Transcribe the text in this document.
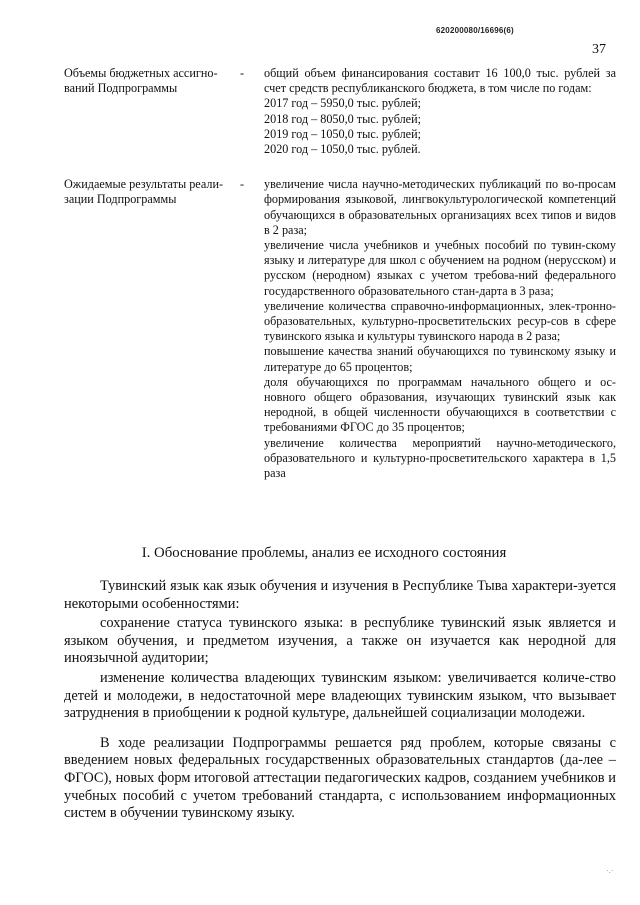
620200080/16696(6)
37
Объемы бюджетных ассигно-ваний Подпрограммы
-	общий объем финансирования составит 16 100,0 тыс. рублей за счет средств республиканского бюджета, в том числе по годам:
2017 год – 5950,0 тыс. рублей;
2018 год – 8050,0 тыс. рублей;
2019 год – 1050,0 тыс. рублей;
2020 год – 1050,0 тыс. рублей.
Ожидаемые результаты реали-зации Подпрограммы
-	увеличение числа научно-методических публикаций по во-просам формирования языковой, лингвокультурологической компетенций обучающихся в образовательных организациях всех типов и видов в 2 раза;
увеличение числа учебников и учебных пособий по тувин-скому языку и литературе для школ с обучением на родном (нерусском) и русском (неродном) языках с учетом требова-ний федерального государственного образовательного стан-дарта в 3 раза;
увеличение количества справочно-информационных, элек-тронно-образовательных, культурно-просветительских ресур-сов в сфере тувинского языка и культуры тувинского народа в 2 раза;
повышение качества знаний обучающихся по тувинскому языку и литературе до 65 процентов;
доля обучающихся по программам начального общего и ос-новного общего образования, изучающих тувинский язык как неродной, в общей численности обучающихся в соответствии с требованиями ФГОС до 35 процентов;
увеличение количества мероприятий научно-методического, образовательного и культурно-просветительского характера в 1,5 раза
I. Обоснование проблемы, анализ ее исходного состояния

Тувинский язык как язык обучения и изучения в Республике Тыва характери-зуется некоторыми особенностями:

сохранение статуса тувинского языка: в республике тувинский язык является и языком обучения, и предметом изучения, а также он изучается как неродной для иноязычной аудитории;

изменение количества владеющих тувинским языком: увеличивается количе-ство детей и молодежи, в недостаточной мере владеющих тувинским языком, что вызывает затруднения в приобщении к родной культуре, дальнейшей социализации молодежи.

В ходе реализации Подпрограммы решается ряд проблем, которые связаны с введением новых федеральных государственных образовательных стандартов (да-лее – ФГОС), новых форм итоговой аттестации педагогических кадров, созданием учебников и учебных пособий с учетом требований стандарта, с использованием информационных систем в обучении тувинскому языку.

·.·
